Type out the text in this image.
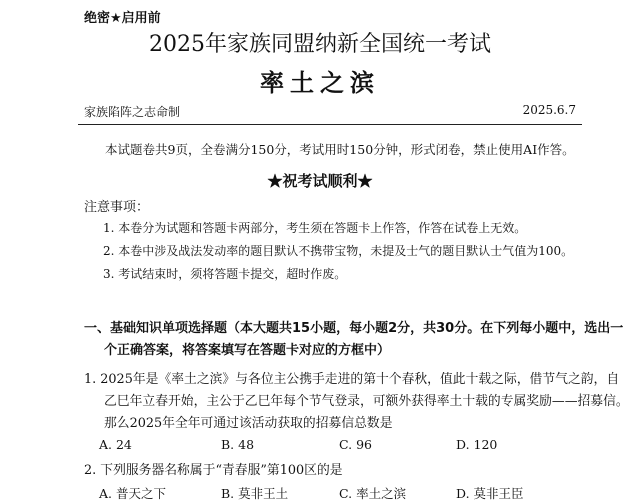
绝密★启用前
2025年家族同盟纳新全国统一考试
率土之滨
家族陷阵之志命制	2025.6.7
本试题卷共9页，全卷满分150分，考试用时150分钟，形式闭卷，禁止使用AI作答。
★祝考试顺利★
注意事项：
1. 本卷分为试题和答题卡两部分，考生须在答题卡上作答，作答在试卷上无效。
2. 本卷中涉及战法发动率的题目默认不携带宝物，未提及士气的题目默认士气值为100。
3. 考试结束时，须将答题卡提交，超时作废。
一、基础知识单项选择题（本大题共15小题，每小题2分，共30分。在下列每小题中，选出一
个正确答案，将答案填写在答题卡对应的方框中）
1. 2025年是《率土之滨》与各位主公携手走进的第十个春秋，值此十载之际，借节气之韵，自
乙巳年立春开始，主公于乙巳年每个节气登录，可额外获得率土十载的专属奖励——招募信。
那么2025年全年可通过该活动获取的招募信总数是
A. 24	B. 48	C. 96	D. 120
2. 下列服务器名称属于“青春服”第100区的是
A. 普天之下	B. 莫非王土	C. 率土之滨	D. 莫非王臣
